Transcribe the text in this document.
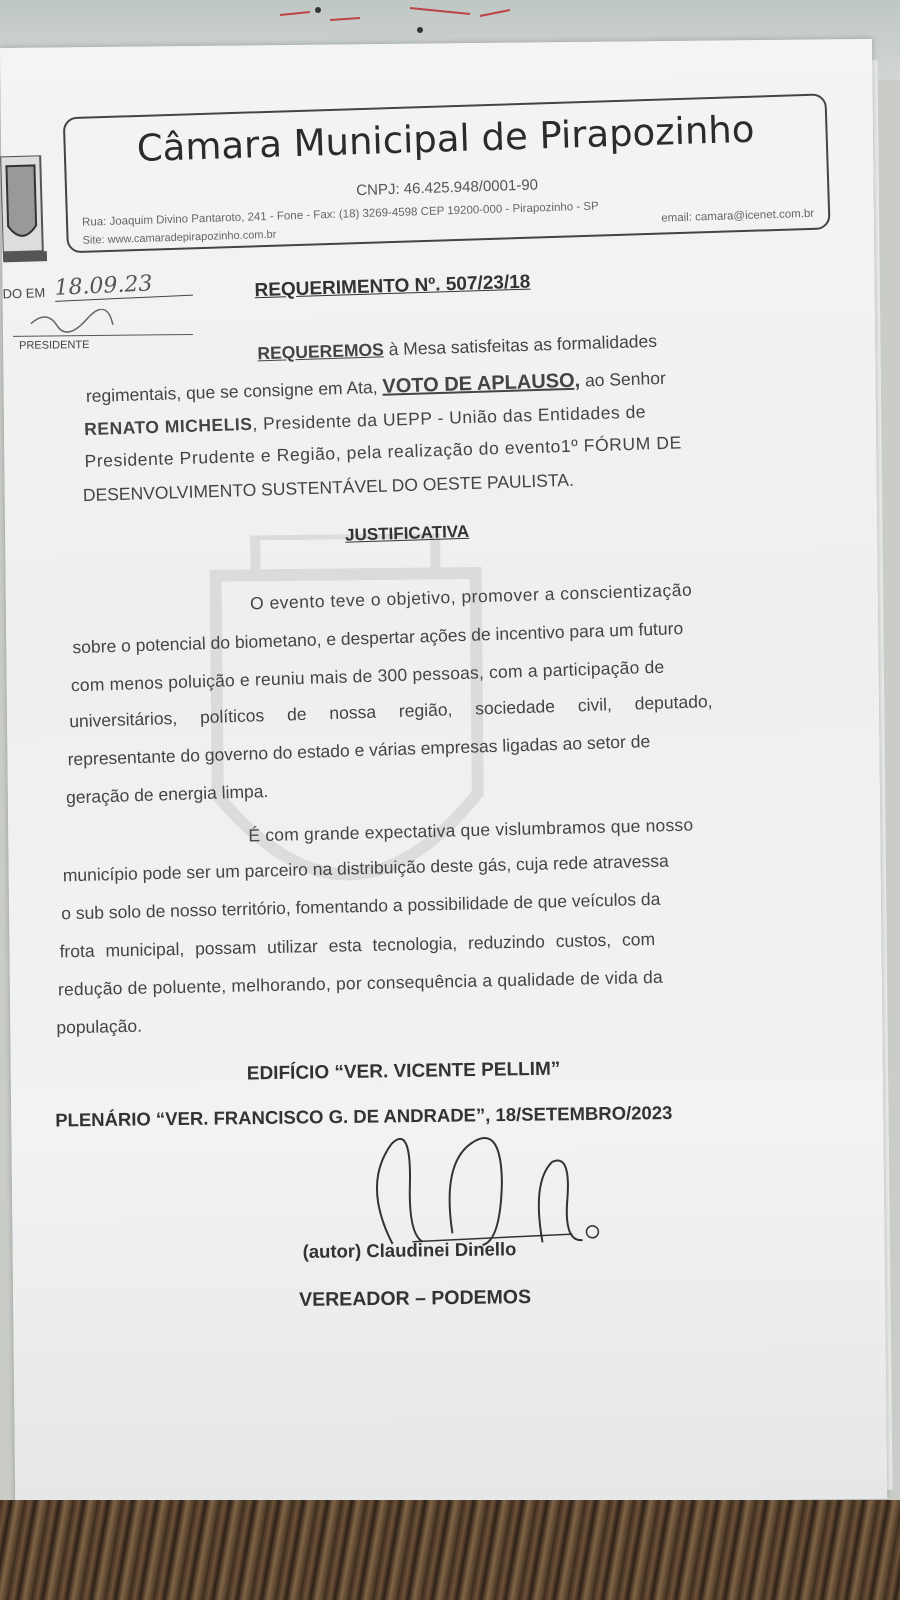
Câmara Municipal de Pirapozinho
CNPJ: 46.425.948/0001-90
Rua: Joaquim Divino Pantaroto, 241 - Fone - Fax: (18) 3269-4598 CEP 19200-000 - Pirapozinho - SP
Site: www.camaradepirapozinho.com.br
email: camara@icenet.com.br
DO EM 18.09.23
PRESIDENTE
REQUERIMENTO Nº. 507/23/18
REQUEREMOS à Mesa satisfeitas as formalidades
regimentais, que se consigne em Ata, VOTO DE APLAUSO, ao Senhor
RENATO MICHELIS, Presidente da UEPP - União das Entidades de
Presidente Prudente e Região, pela realização do evento1º FÓRUM DE
DESENVOLVIMENTO SUSTENTÁVEL DO OESTE PAULISTA.
JUSTIFICATIVA
O evento teve o objetivo, promover a conscientização
sobre o potencial do biometano, e despertar ações de incentivo para um futuro
com menos poluição e reuniu mais de 300 pessoas, com a participação de
universitários, políticos de nossa região, sociedade civil, deputado,
representante do governo do estado e várias empresas ligadas ao setor de
geração de energia limpa.
É com grande expectativa que vislumbramos que nosso
município pode ser um parceiro na distribuição deste gás, cuja rede atravessa
o sub solo de nosso território, fomentando a possibilidade de que veículos da
frota municipal, possam utilizar esta tecnologia, reduzindo custos, com
redução de poluente, melhorando, por consequência a qualidade de vida da
população.
EDIFÍCIO “VER. VICENTE PELLIM”
PLENÁRIO “VER. FRANCISCO G. DE ANDRADE”, 18/SETEMBRO/2023
(autor) Claudinei Dinello
VEREADOR – PODEMOS
